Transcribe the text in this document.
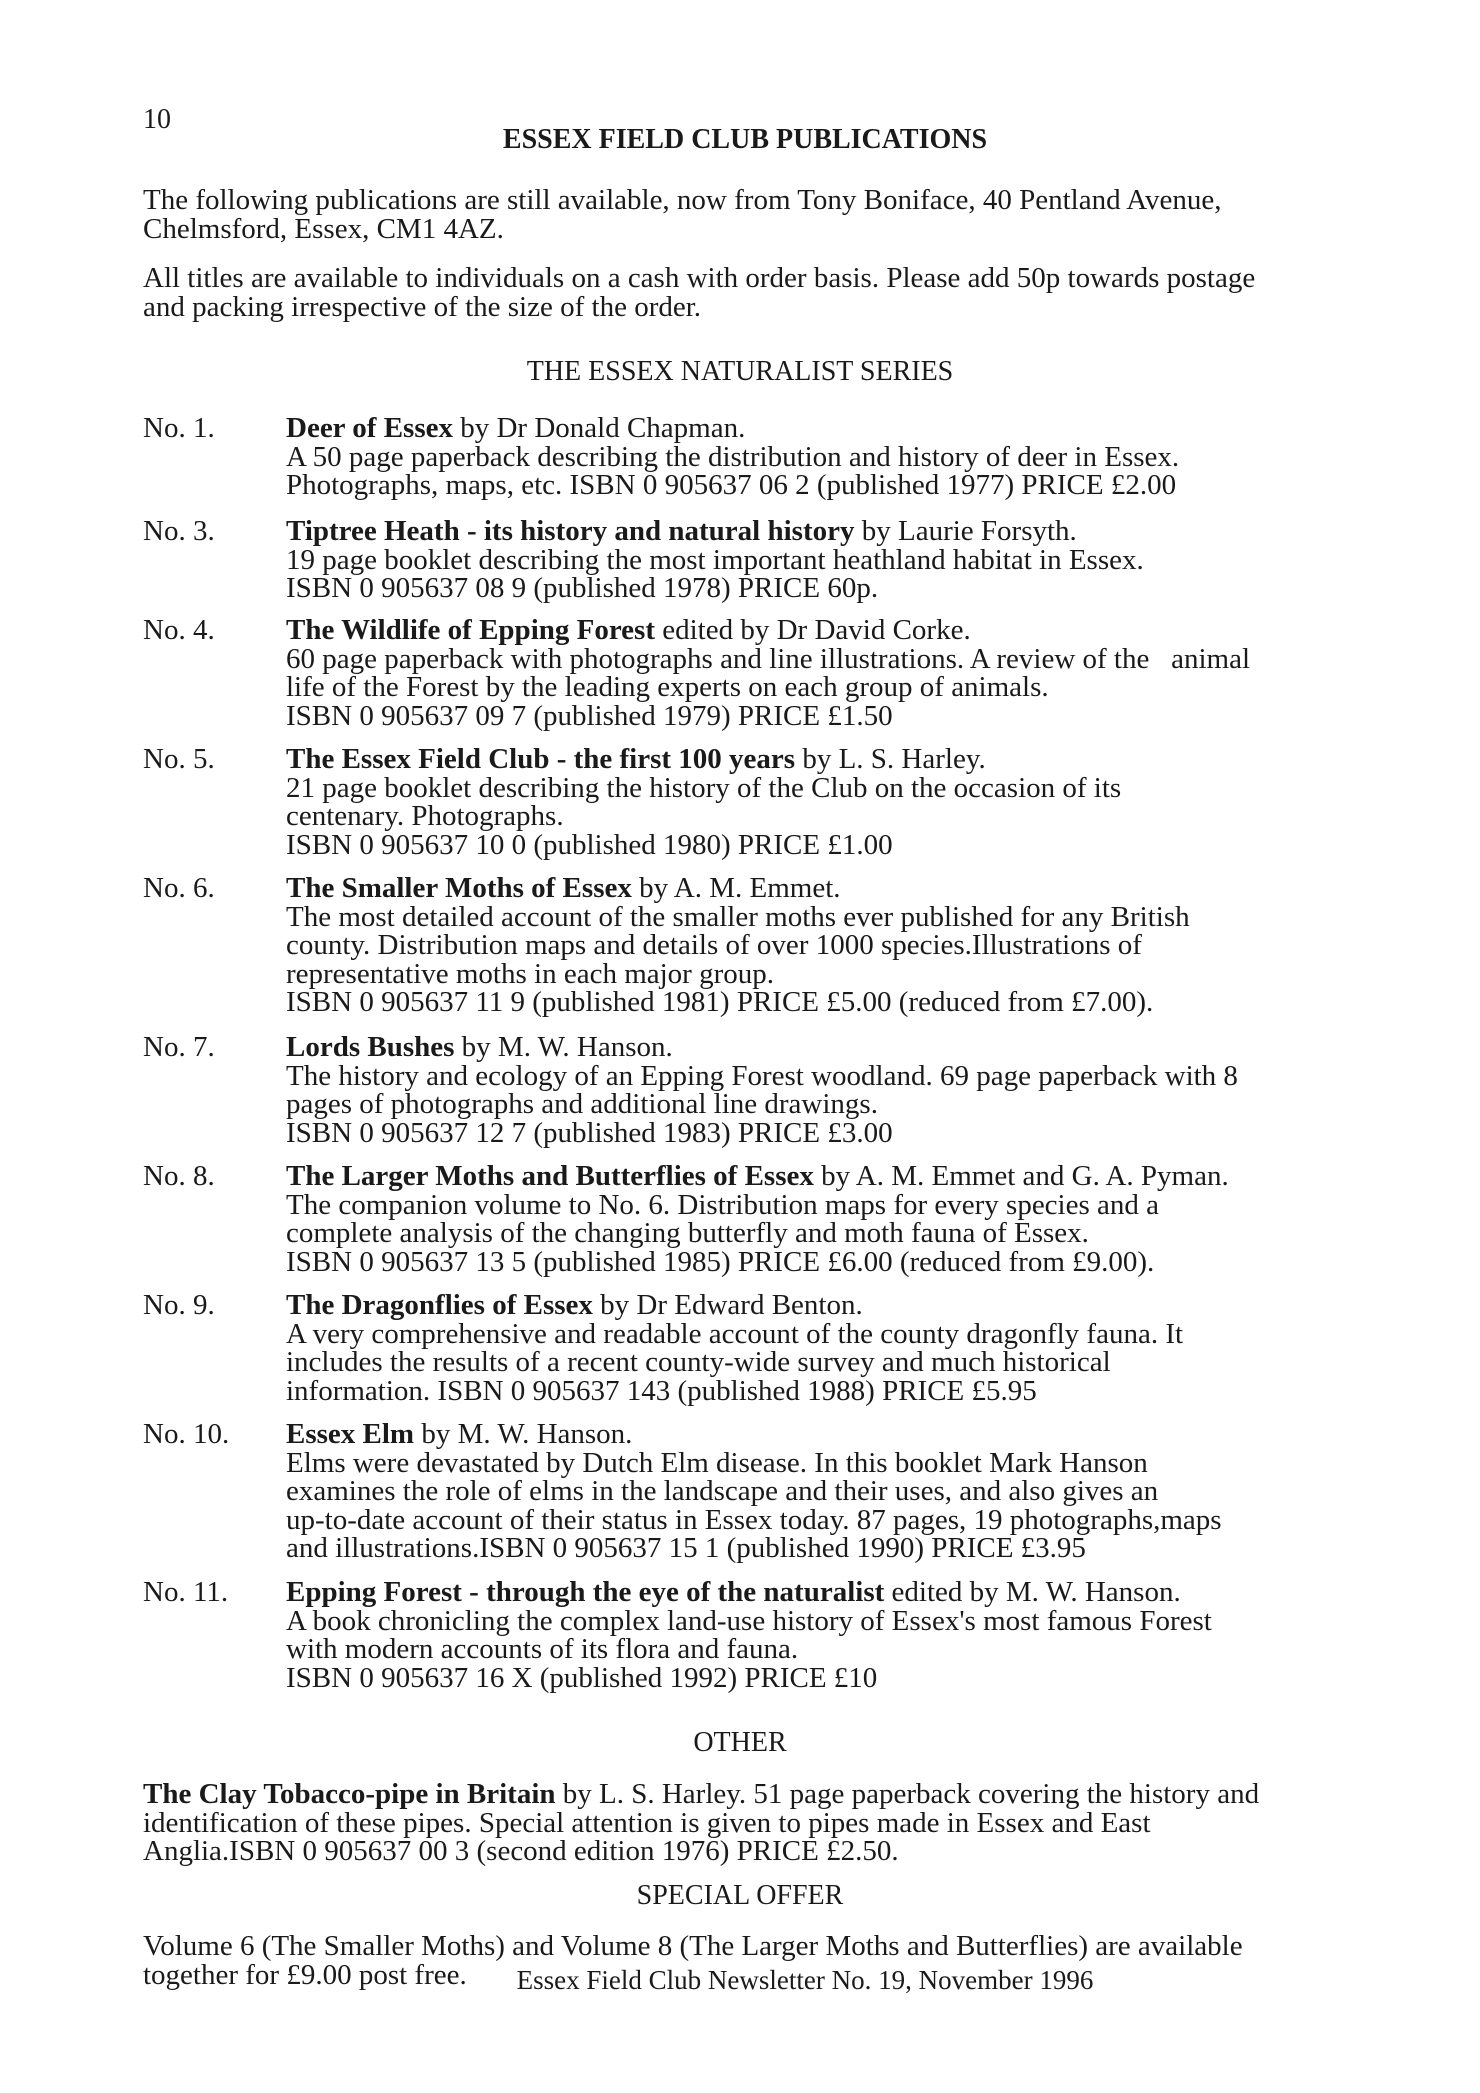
10
ESSEX FIELD CLUB PUBLICATIONS
The following publications are still available, now from Tony Boniface, 40 Pentland Avenue,
Chelmsford, Essex, CM1 4AZ.
All titles are available to individuals on a cash with order basis. Please add 50p towards postage
and packing irrespective of the size of the order.
THE ESSEX NATURALIST SERIES
No. 1. Deer of Essex by Dr Donald Chapman.
A 50 page paperback describing the distribution and history of deer in Essex.
Photographs, maps, etc. ISBN 0 905637 06 2 (published 1977) PRICE £2.00
No. 3. Tiptree Heath - its history and natural history by Laurie Forsyth.
19 page booklet describing the most important heathland habitat in Essex.
ISBN 0 905637 08 9 (published 1978) PRICE 60p.
No. 4. The Wildlife of Epping Forest edited by Dr David Corke.
60 page paperback with photographs and line illustrations. A review of the   animal
life of the Forest by the leading experts on each group of animals.
ISBN 0 905637 09 7 (published 1979) PRICE £1.50
No. 5. The Essex Field Club - the first 100 years by L. S. Harley.
21 page booklet describing the history of the Club on the occasion of its
centenary. Photographs.
ISBN 0 905637 10 0 (published 1980) PRICE £1.00
No. 6. The Smaller Moths of Essex by A. M. Emmet.
The most detailed account of the smaller moths ever published for any British
county. Distribution maps and details of over 1000 species.Illustrations of
representative moths in each major group.
ISBN 0 905637 11 9 (published 1981) PRICE £5.00 (reduced from £7.00).
No. 7. Lords Bushes by M. W. Hanson.
The history and ecology of an Epping Forest woodland. 69 page paperback with 8
pages of photographs and additional line drawings.
ISBN 0 905637 12 7 (published 1983) PRICE £3.00
No. 8. The Larger Moths and Butterflies of Essex by A. M. Emmet and G. A. Pyman.
The companion volume to No. 6. Distribution maps for every species and a
complete analysis of the changing butterfly and moth fauna of Essex.
ISBN 0 905637 13 5 (published 1985) PRICE £6.00 (reduced from £9.00).
No. 9. The Dragonflies of Essex by Dr Edward Benton.
A very comprehensive and readable account of the county dragonfly fauna. It
includes the results of a recent county-wide survey and much historical
information. ISBN 0 905637 143 (published 1988) PRICE £5.95
No. 10. Essex Elm by M. W. Hanson.
Elms were devastated by Dutch Elm disease. In this booklet Mark Hanson
examines the role of elms in the landscape and their uses, and also gives an
up-to-date account of their status in Essex today. 87 pages, 19 photographs,maps
and illustrations.ISBN 0 905637 15 1 (published 1990) PRICE £3.95
No. 11. Epping Forest - through the eye of the naturalist edited by M. W. Hanson.
A book chronicling the complex land-use history of Essex's most famous Forest
with modern accounts of its flora and fauna.
ISBN 0 905637 16 X (published 1992) PRICE £10
OTHER
The Clay Tobacco-pipe in Britain by L. S. Harley. 51 page paperback covering the history and
identification of these pipes. Special attention is given to pipes made in Essex and East
Anglia.ISBN 0 905637 00 3 (second edition 1976) PRICE £2.50.
SPECIAL OFFER
Volume 6 (The Smaller Moths) and Volume 8 (The Larger Moths and Butterflies) are available
together for £9.00 post free.	Essex Field Club Newsletter No. 19, November 1996
